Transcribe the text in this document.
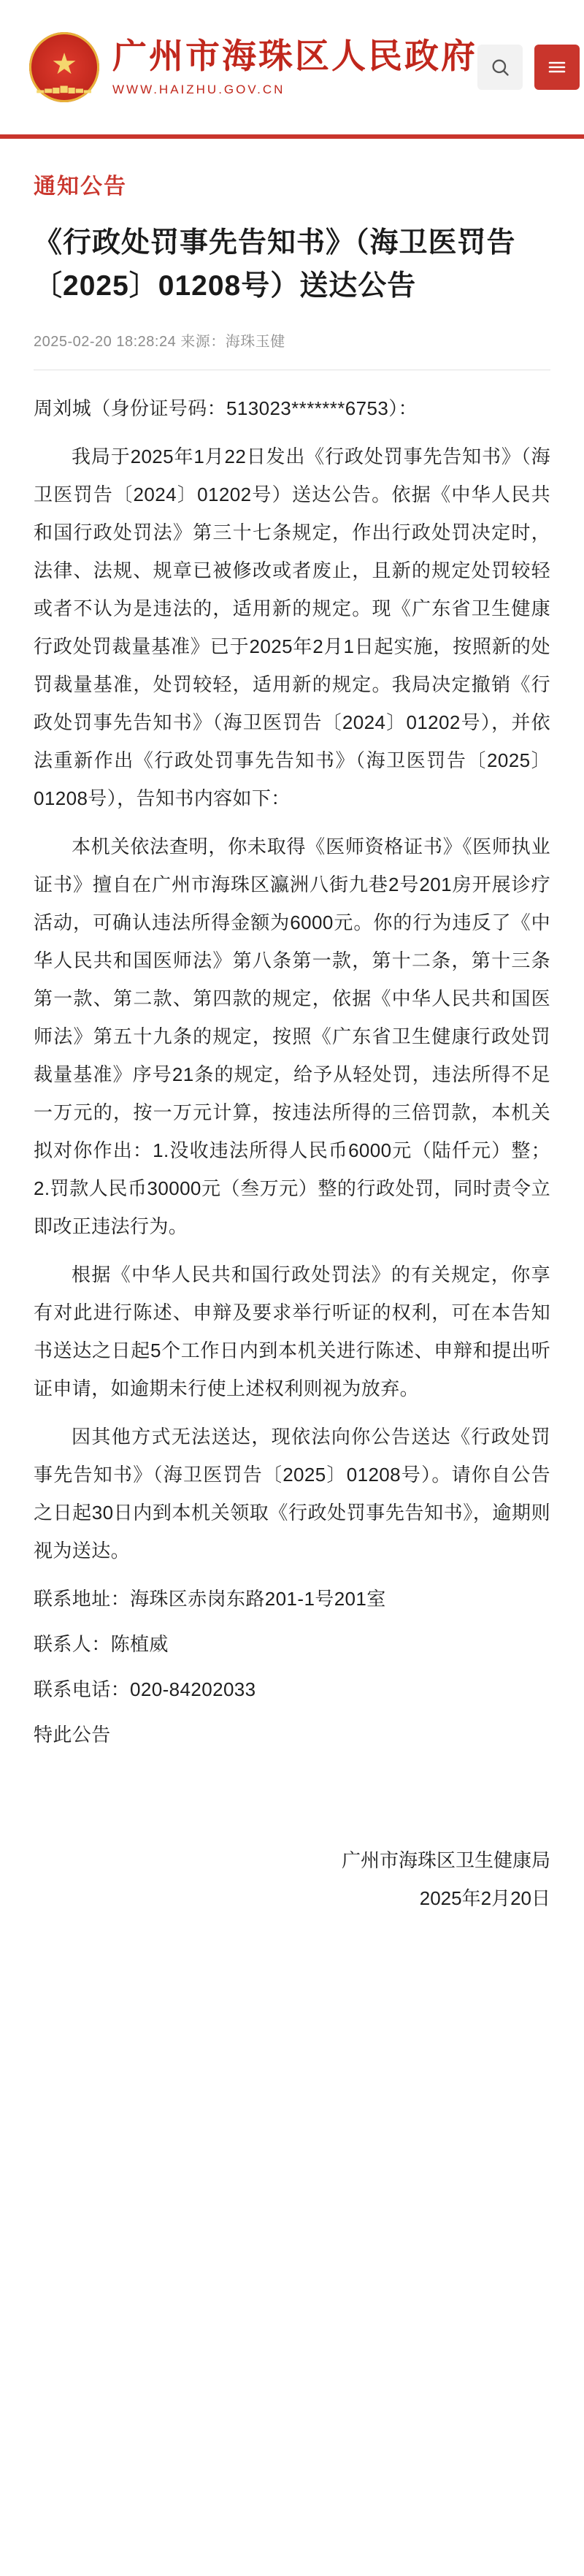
★
▂▃▄▅▄▃▂
广州市海珠区人民政府
WWW.HAIZHU.GOV.CN
通知公告
《行政处罚事先告知书》（海卫医罚告〔2025〕01208号）送达公告
2025-02-20 18:28:24 来源：海珠玉健

周刘城（身份证号码：513023*******6753）：

我局于2025年1月22日发出《行政处罚事先告知书》（海卫医罚告〔2024〕01202号）送达公告。依据《中华人民共和国行政处罚法》第三十七条规定，作出行政处罚决定时，法律、法规、规章已被修改或者废止，且新的规定处罚较轻或者不认为是违法的，适用新的规定。现《广东省卫生健康行政处罚裁量基准》已于2025年2月1日起实施，按照新的处罚裁量基准，处罚较轻，适用新的规定。我局决定撤销《行政处罚事先告知书》（海卫医罚告〔2024〕01202号），并依法重新作出《行政处罚事先告知书》（海卫医罚告〔2025〕01208号），告知书内容如下：

本机关依法查明，你未取得《医师资格证书》《医师执业证书》擅自在广州市海珠区瀛洲八街九巷2号201房开展诊疗活动，可确认违法所得金额为6000元。你的行为违反了《中华人民共和国医师法》第八条第一款，第十二条，第十三条第一款、第二款、第四款的规定，依据《中华人民共和国医师法》第五十九条的规定，按照《广东省卫生健康行政处罚裁量基准》序号21条的规定，给予从轻处罚，违法所得不足一万元的，按一万元计算，按违法所得的三倍罚款，本机关拟对你作出：1.没收违法所得人民币6000元（陆仟元）整；2.罚款人民币30000元（叁万元）整的行政处罚，同时责令立即改正违法行为。

根据《中华人民共和国行政处罚法》的有关规定，你享有对此进行陈述、申辩及要求举行听证的权利，可在本告知书送达之日起5个工作日内到本机关进行陈述、申辩和提出听证申请，如逾期未行使上述权利则视为放弃。

因其他方式无法送达，现依法向你公告送达《行政处罚事先告知书》（海卫医罚告〔2025〕01208号）。请你自公告之日起30日内到本机关领取《行政处罚事先告知书》，逾期则视为送达。

联系地址：海珠区赤岗东路201-1号201室

联系人：陈植威

联系电话：020-84202033

特此公告

广州市海珠区卫生健康局
2025年2月20日
